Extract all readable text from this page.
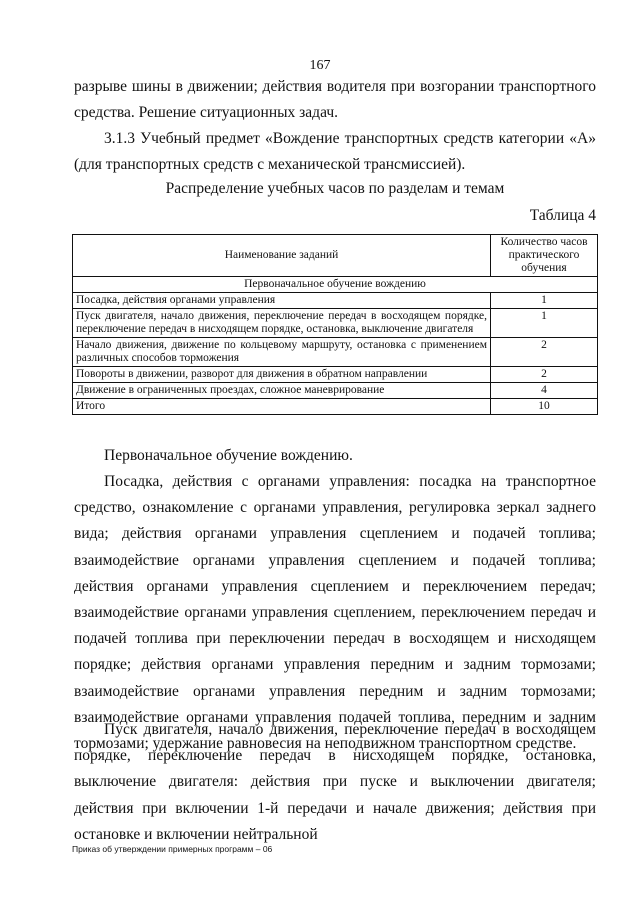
167

разрыве шины в движении; действия водителя при возгорании транспортного средства. Решение ситуационных задач.

3.1.3 Учебный предмет «Вождение транспортных средств категории «A» (для транспортных средств с механической трансмиссией).

Распределение учебных часов по разделам и темам
Таблица 4
Наименование заданий	Количество часов практического обучения
Первоначальное обучение вождению	
Посадка, действия органами управления	1
Пуск двигателя, начало движения, переключение передач в восходящем порядке, переключение передач в нисходящем порядке, остановка, выключение двигателя	1
Начало движения, движение по кольцевому маршруту, остановка с применением различных способов торможения	2
Повороты в движении, разворот для движения в обратном направлении	2
Движение в ограниченных проездах, сложное маневрирование	4
Итого	10

Первоначальное обучение вождению.

Посадка, действия с органами управления: посадка на транспортное средство, ознакомление с органами управления, регулировка зеркал заднего вида; действия органами управления сцеплением и подачей топлива; взаимодействие органами управления сцеплением и подачей топлива; действия органами управления сцеплением и переключением передач; взаимодействие органами управления сцеплением, переключением передач и подачей топлива при переключении передач в восходящем и нисходящем порядке; действия органами управления передним и задним тормозами; взаимодействие органами управления передним и задним тормозами; взаимодействие органами управления подачей топлива, передним и задним тормозами; удержание равновесия на неподвижном транспортном средстве.

Пуск двигателя, начало движения, переключение передач в восходящем порядке, переключение передач в нисходящем порядке, остановка, выключение двигателя: действия при пуске и выключении двигателя; действия при включении 1-й передачи и начале движения; действия при остановке и включении нейтральной

Приказ об утверждении примерных программ – 06
